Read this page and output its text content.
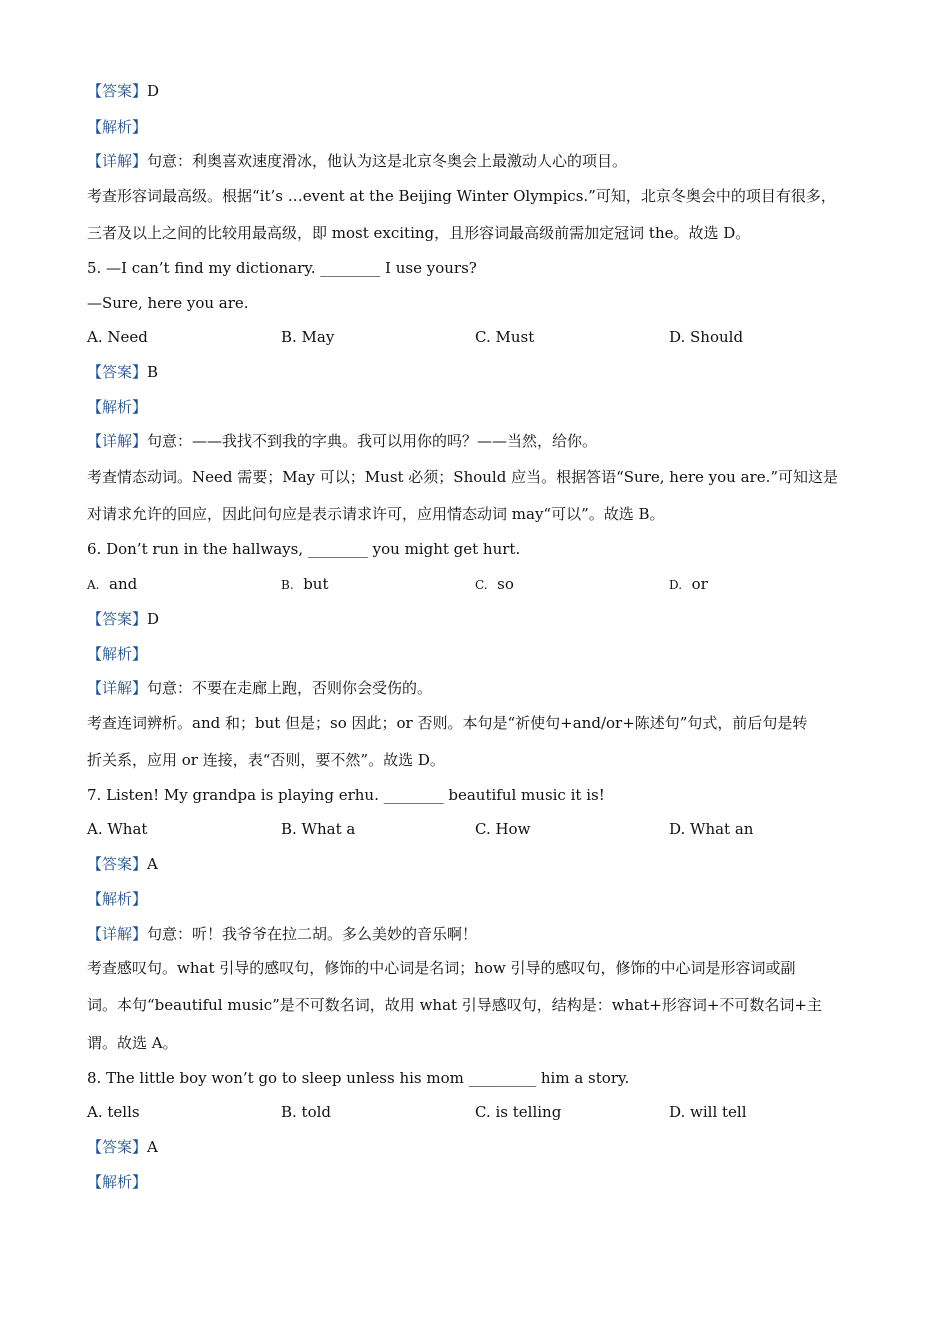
【答案】D
【解析】
【详解】句意：利奥喜欢速度滑冰，他认为这是北京冬奥会上最激动人心的项目。
考查形容词最高级。根据“it’s …event at the Beijing Winter Olympics.”可知，北京冬奥会中的项目有很多，
三者及以上之间的比较用最高级，即 most exciting，且形容词最高级前需加定冠词 the。故选 D。
5. —I can’t find my dictionary. ________ I use yours?
—Sure, here you are.
A. Need	B. May	C. Must	D. Should
【答案】B
【解析】
【详解】句意：——我找不到我的字典。我可以用你的吗？——当然，给你。
考查情态动词。Need 需要；May 可以；Must 必须；Should 应当。根据答语“Sure, here you are.”可知这是
对请求允许的回应，因此问句应是表示请求许可，应用情态动词 may“可以”。故选 B。
6. Don’t run in the hallways, ________ you might get hurt.
A. and	B. but	C. so	D. or
【答案】D
【解析】
【详解】句意：不要在走廊上跑，否则你会受伤的。
考查连词辨析。and 和；but 但是；so 因此；or 否则。本句是“祈使句+and/or+陈述句”句式，前后句是转
折关系，应用 or 连接，表“否则，要不然”。故选 D。
7. Listen! My grandpa is playing erhu. ________ beautiful music it is!
A. What	B. What a	C. How	D. What an
【答案】A
【解析】
【详解】句意：听！我爷爷在拉二胡。多么美妙的音乐啊！
考查感叹句。what 引导的感叹句，修饰的中心词是名词；how 引导的感叹句，修饰的中心词是形容词或副
词。本句“beautiful music”是不可数名词，故用 what 引导感叹句，结构是：what+形容词+不可数名词+主
谓。故选 A。
8. The little boy won’t go to sleep unless his mom _________ him a story.
A. tells	B. told	C. is telling	D. will tell
【答案】A
【解析】
